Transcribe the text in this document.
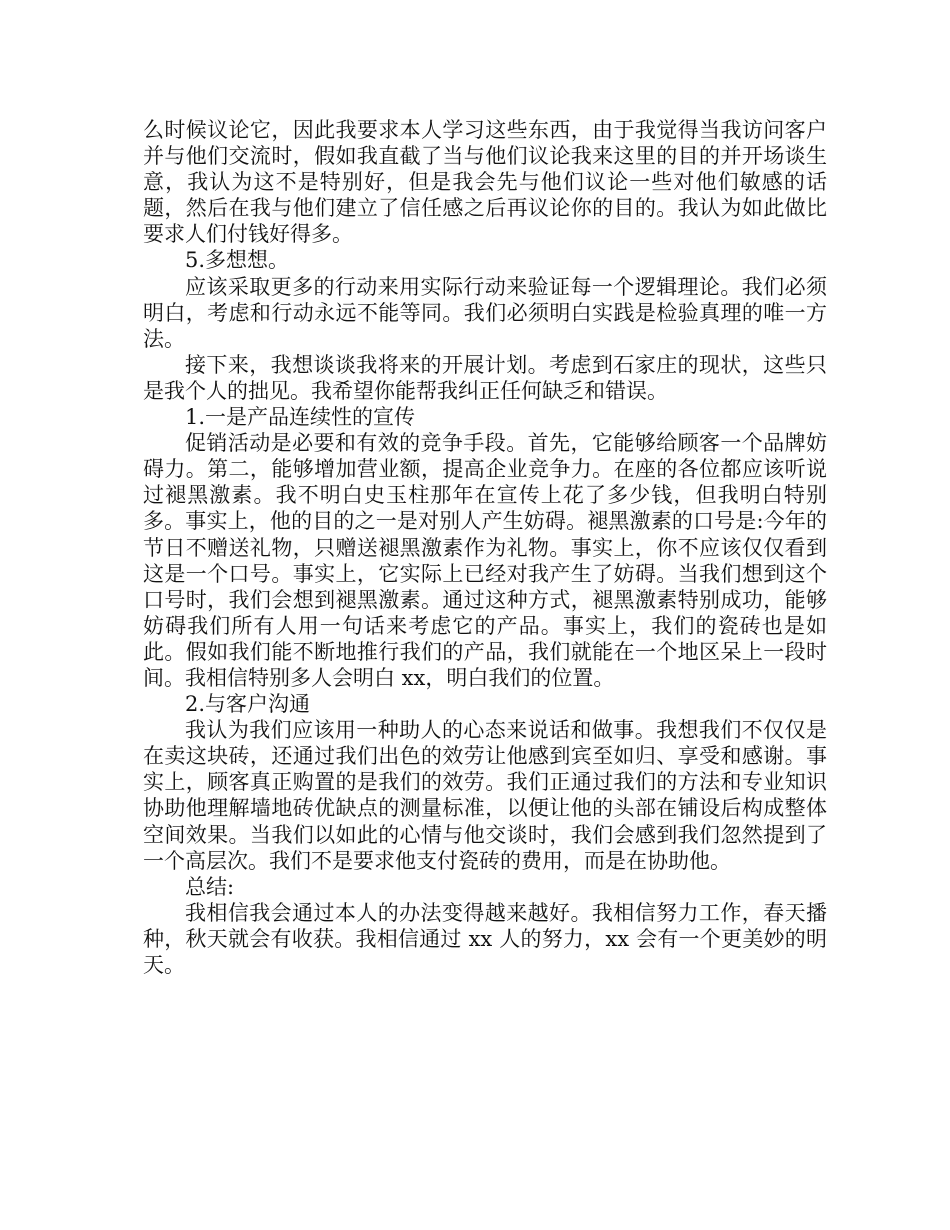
么时候议论它，因此我要求本人学习这些东西，由于我觉得当我访问客户并与他们交流时，假如我直截了当与他们议论我来这里的目的并开场谈生意，我认为这不是特别好，但是我会先与他们议论一些对他们敏感的话题，然后在我与他们建立了信任感之后再议论你的目的。我认为如此做比要求人们付钱好得多。

5.多想想。

应该采取更多的行动来用实际行动来验证每一个逻辑理论。我们必须明白，考虑和行动永远不能等同。我们必须明白实践是检验真理的唯一方法。

接下来，我想谈谈我将来的开展计划。考虑到石家庄的现状，这些只是我个人的拙见。我希望你能帮我纠正任何缺乏和错误。

1.一是产品连续性的宣传

促销活动是必要和有效的竞争手段。首先，它能够给顾客一个品牌妨碍力。第二，能够增加营业额，提高企业竞争力。在座的各位都应该听说过褪黑激素。我不明白史玉柱那年在宣传上花了多少钱，但我明白特别多。事实上，他的目的之一是对别人产生妨碍。褪黑激素的口号是:今年的节日不赠送礼物，只赠送褪黑激素作为礼物。事实上，你不应该仅仅看到这是一个口号。事实上，它实际上已经对我产生了妨碍。当我们想到这个口号时，我们会想到褪黑激素。通过这种方式，褪黑激素特别成功，能够妨碍我们所有人用一句话来考虑它的产品。事实上，我们的瓷砖也是如此。假如我们能不断地推行我们的产品，我们就能在一个地区呆上一段时间。我相信特别多人会明白 xx，明白我们的位置。

2.与客户沟通

我认为我们应该用一种助人的心态来说话和做事。我想我们不仅仅是在卖这块砖，还通过我们出色的效劳让他感到宾至如归、享受和感谢。事实上，顾客真正购置的是我们的效劳。我们正通过我们的方法和专业知识协助他理解墙地砖优缺点的测量标准，以便让他的头部在铺设后构成整体空间效果。当我们以如此的心情与他交谈时，我们会感到我们忽然提到了一个高层次。我们不是要求他支付瓷砖的费用，而是在协助他。

总结:

我相信我会通过本人的办法变得越来越好。我相信努力工作，春天播种，秋天就会有收获。我相信通过 xx 人的努力，xx 会有一个更美妙的明天。
